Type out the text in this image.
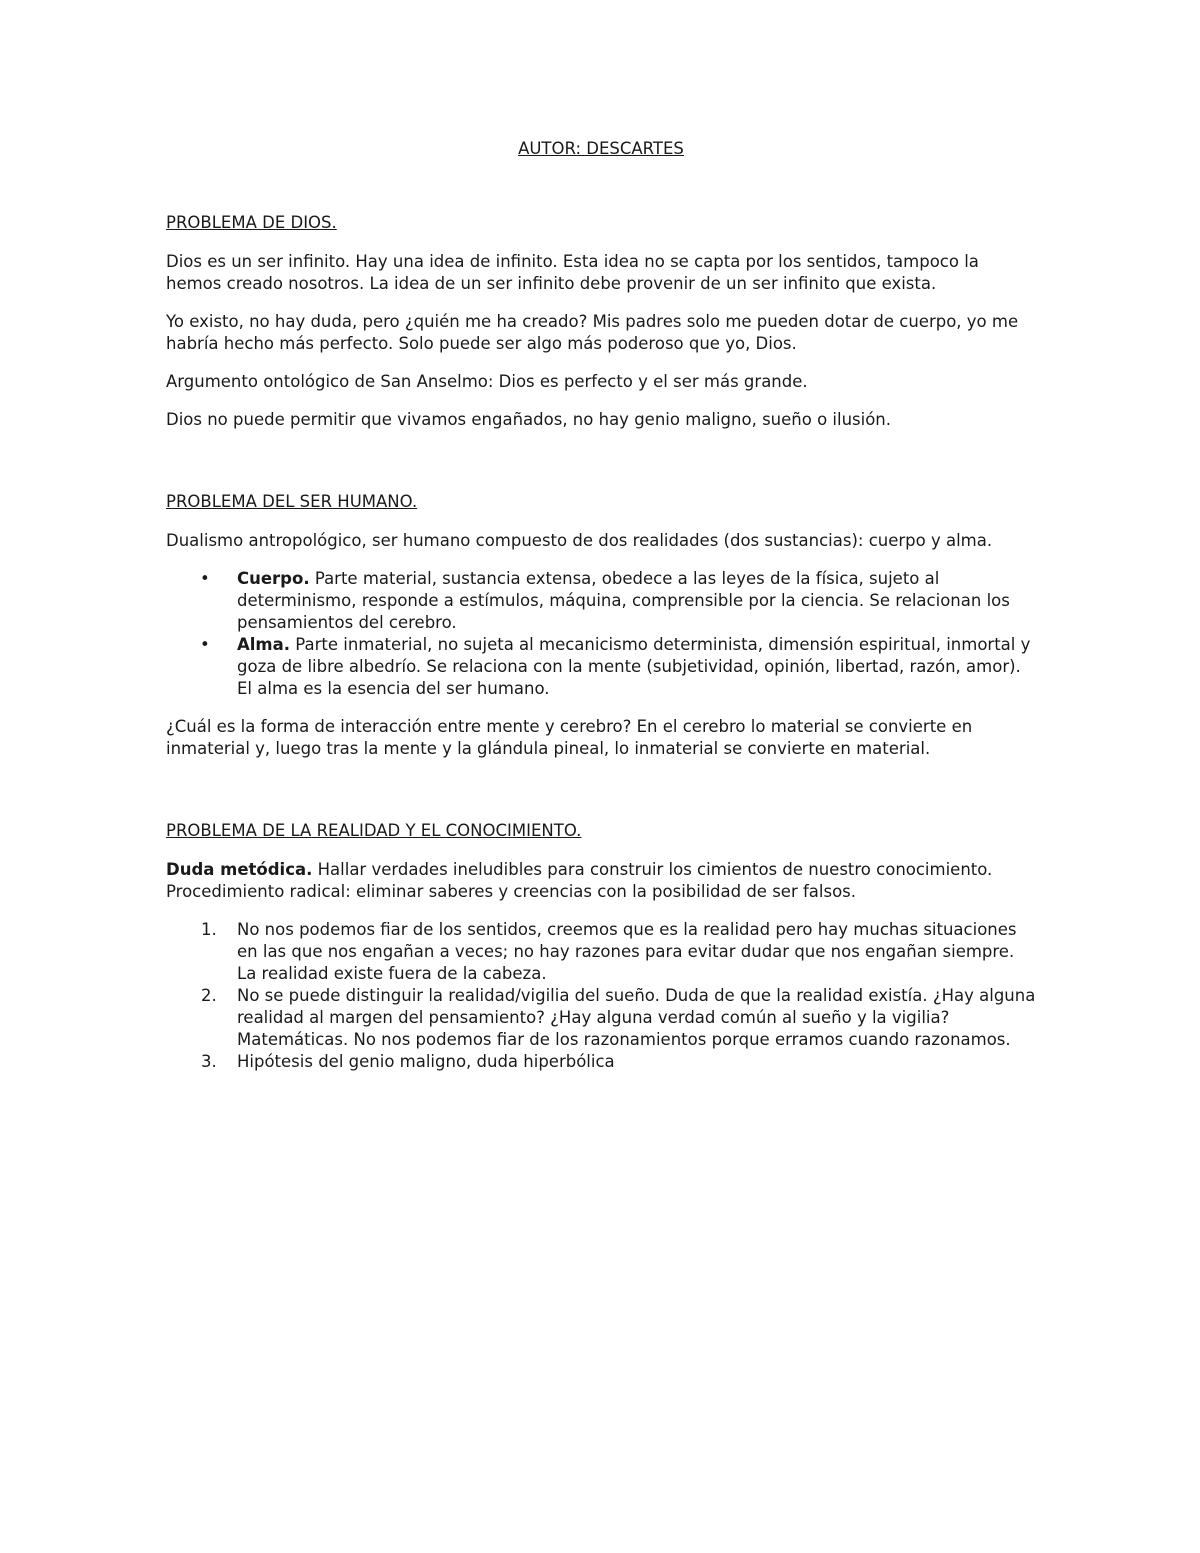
AUTOR: DESCARTES
PROBLEMA DE DIOS.

Dios es un ser infinito. Hay una idea de infinito. Esta idea no se capta por los sentidos, tampoco la hemos creado nosotros. La idea de un ser infinito debe provenir de un ser infinito que exista.

Yo existo, no hay duda, pero ¿quién me ha creado? Mis padres solo me pueden dotar de cuerpo, yo me habría hecho más perfecto. Solo puede ser algo más poderoso que yo, Dios.

Argumento ontológico de San Anselmo: Dios es perfecto y el ser más grande.

Dios no puede permitir que vivamos engañados, no hay genio maligno, sueño o ilusión.

PROBLEMA DEL SER HUMANO.

Dualismo antropológico, ser humano compuesto de dos realidades (dos sustancias): cuerpo y alma.

• Cuerpo. Parte material, sustancia extensa, obedece a las leyes de la física, sujeto al determinismo, responde a estímulos, máquina, comprensible por la ciencia. Se relacionan los pensamientos del cerebro.
• Alma. Parte inmaterial, no sujeta al mecanicismo determinista, dimensión espiritual, inmortal y goza de libre albedrío. Se relaciona con la mente (subjetividad, opinión, libertad, razón, amor). El alma es la esencia del ser humano.

¿Cuál es la forma de interacción entre mente y cerebro? En el cerebro lo material se convierte en inmaterial y, luego tras la mente y la glándula pineal, lo inmaterial se convierte en material.

PROBLEMA DE LA REALIDAD Y EL CONOCIMIENTO.

Duda metódica. Hallar verdades ineludibles para construir los cimientos de nuestro conocimiento. Procedimiento radical: eliminar saberes y creencias con la posibilidad de ser falsos.

1. No nos podemos fiar de los sentidos, creemos que es la realidad pero hay muchas situaciones en las que nos engañan a veces; no hay razones para evitar dudar que nos engañan siempre. La realidad existe fuera de la cabeza.
2. No se puede distinguir la realidad/vigilia del sueño. Duda de que la realidad existía. ¿Hay alguna realidad al margen del pensamiento? ¿Hay alguna verdad común al sueño y la vigilia? Matemáticas. No nos podemos fiar de los razonamientos porque erramos cuando razonamos.
3. Hipótesis del genio maligno, duda hiperbólica
